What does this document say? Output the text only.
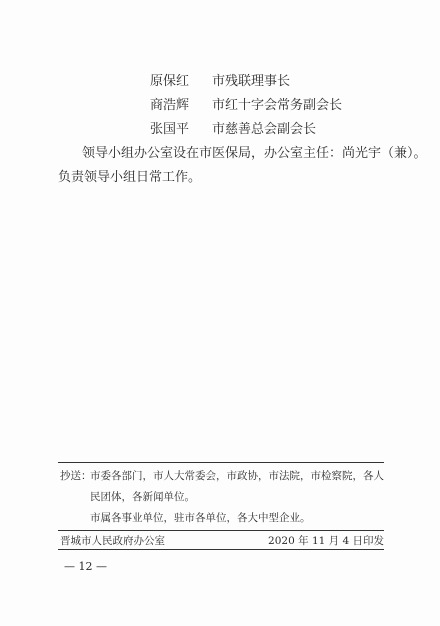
原保红 市残联理事长
商浩辉 市红十字会常务副会长
张国平 市慈善总会副会长
领导小组办公室设在市医保局，办公室主任：尚光宇（兼）。
负责领导小组日常工作。
抄送：
市委各部门，市人大常委会，市政协，市法院，市检察院，各人
民团体，各新闻单位。
市属各事业单位，驻市各单位，各大中型企业。
晋城市人民政府办公室	2020 年 11 月 4 日印发
— 12 —
